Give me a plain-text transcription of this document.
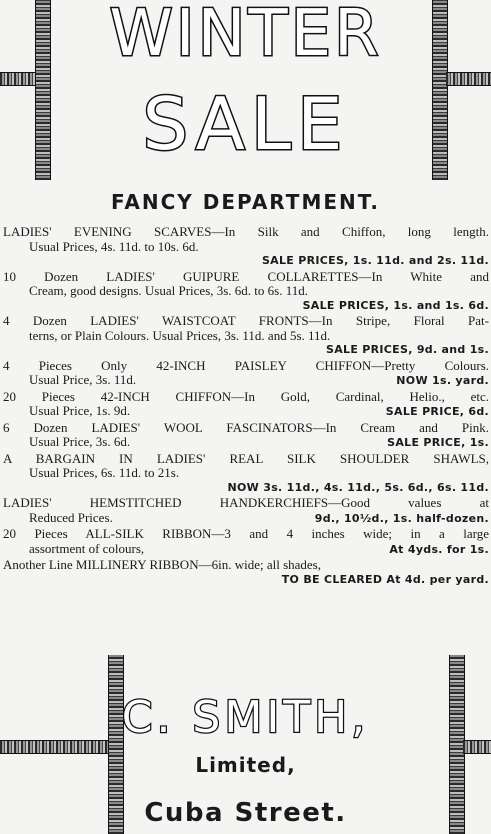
WINTER
SALE
FANCY DEPARTMENT.
LADIES' EVENING SCARVES—In Silk and Chiffon, long length.
Usual Prices, 4s. 11d. to 10s. 6d.
SALE PRICES, 1s. 11d. and 2s. 11d.
10 Dozen LADIES' GUIPURE COLLARETTES—In White and
Cream, good designs. Usual Prices, 3s. 6d. to 6s. 11d.
SALE PRICES, 1s. and 1s. 6d.
4 Dozen LADIES' WAISTCOAT FRONTS—In Stripe, Floral Pat-
terns, or Plain Colours. Usual Prices, 3s. 11d. and 5s. 11d.
SALE PRICES, 9d. and 1s.
4 Pieces Only 42-INCH PAISLEY CHIFFON—Pretty Colours.
Usual Price, 3s. 11d.	NOW 1s. yard.
20 Pieces 42-INCH CHIFFON—In Gold, Cardinal, Helio., etc.
Usual Price, 1s. 9d.	SALE PRICE, 6d.
6 Dozen LADIES' WOOL FASCINATORS—In Cream and Pink.
Usual Price, 3s. 6d.	SALE PRICE, 1s.
A BARGAIN IN LADIES' REAL SILK SHOULDER SHAWLS,
Usual Prices, 6s. 11d. to 21s.
NOW 3s. 11d., 4s. 11d., 5s. 6d., 6s. 11d.
LADIES' HEMSTITCHED HANDKERCHIEFS—Good values at
Reduced Prices.	9d., 10½d., 1s. half-dozen.
20 Pieces ALL-SILK RIBBON—3 and 4 inches wide; in a large
assortment of colours,	At 4yds. for 1s.
Another Line MILLINERY RIBBON—6in. wide; all shades,
TO BE CLEARED At 4d. per yard.
C. SMITH,
Limited,
Cuba Street.
